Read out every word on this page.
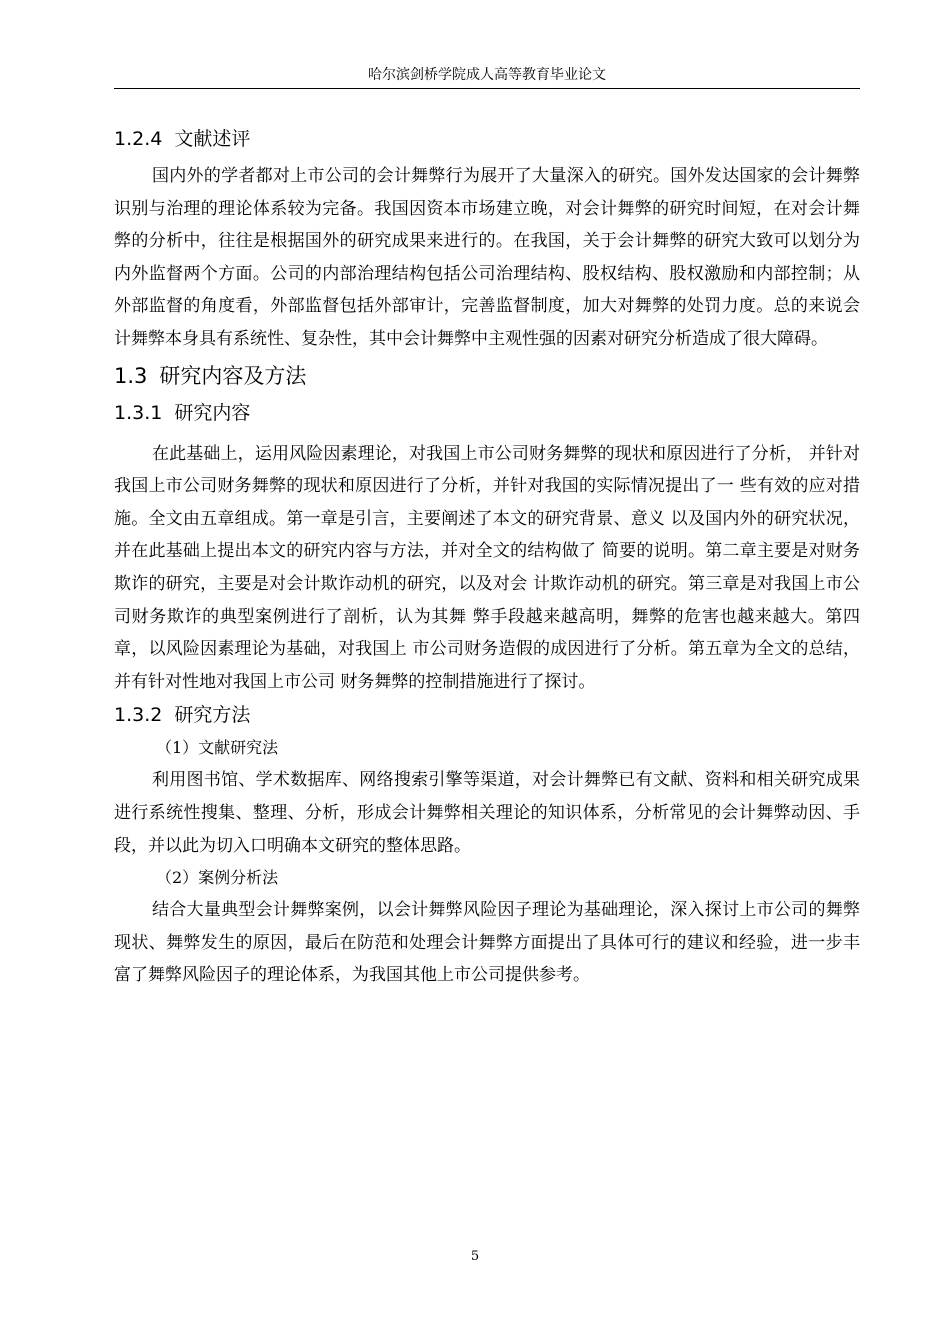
哈尔滨剑桥学院成人高等教育毕业论文
1.2.4 文献述评

国内外的学者都对上市公司的会计舞弊行为展开了大量深入的研究。国外发达国家的会计舞弊识别与治理的理论体系较为完备。我国因资本市场建立晚，对会计舞弊的研究时间短，在对会计舞弊的分析中，往往是根据国外的研究成果来进行的。在我国，关于会计舞弊的研究大致可以划分为内外监督两个方面。公司的内部治理结构包括公司治理结构、股权结构、股权激励和内部控制；从外部监督的角度看，外部监督包括外部审计，完善监督制度，加大对舞弊的处罚力度。总的来说会计舞弊本身具有系统性、复杂性，其中会计舞弊中主观性强的因素对研究分析造成了很大障碍。

1.3 研究内容及方法
1.3.1 研究内容

在此基础上，运用风险因素理论，对我国上市公司财务舞弊的现状和原因进行了分析， 并针对我国上市公司财务舞弊的现状和原因进行了分析，并针对我国的实际情况提出了一 些有效的应对措施。全文由五章组成。第一章是引言，主要阐述了本文的研究背景、意义 以及国内外的研究状况，并在此基础上提出本文的研究内容与方法，并对全文的结构做了 简要的说明。第二章主要是对财务欺诈的研究，主要是对会计欺诈动机的研究，以及对会 计欺诈动机的研究。第三章是对我国上市公司财务欺诈的典型案例进行了剖析，认为其舞 弊手段越来越高明，舞弊的危害也越来越大。第四章，以风险因素理论为基础，对我国上 市公司财务造假的成因进行了分析。第五章为全文的总结，并有针对性地对我国上市公司 财务舞弊的控制措施进行了探讨。

1.3.2 研究方法

（1）文献研究法

利用图书馆、学术数据库、网络搜索引擎等渠道，对会计舞弊已有文献、资料和相关研究成果进行系统性搜集、整理、分析，形成会计舞弊相关理论的知识体系，分析常见的会计舞弊动因、手段，并以此为切入口明确本文研究的整体思路。

（2）案例分析法

结合大量典型会计舞弊案例，以会计舞弊风险因子理论为基础理论，深入探讨上市公司的舞弊现状、舞弊发生的原因，最后在防范和处理会计舞弊方面提出了具体可行的建议和经验，进一步丰富了舞弊风险因子的理论体系，为我国其他上市公司提供参考。

5
